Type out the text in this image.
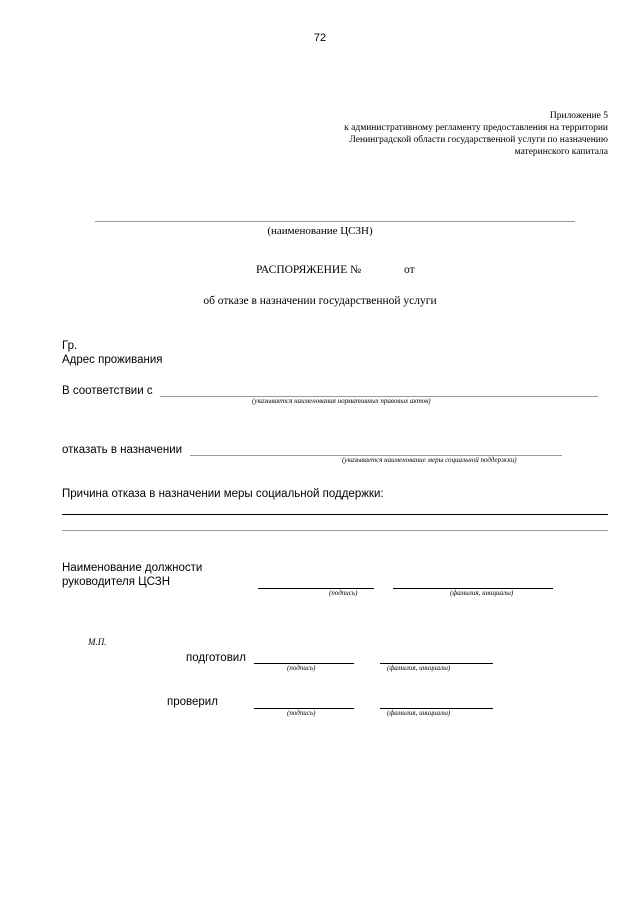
72
Приложение 5
к административному регламенту предоставления на территории
Ленинградской области государственной услуги по назначению
материнского капитала
(наименование ЦСЗН)
РАСПОРЯЖЕНИЕ №	от
об отказе в назначении государственной услуги
Гр.
Адрес проживания
В соответствии с
(указывается наименования нормативных правовых актов)
отказать в назначении
(указывается наименование меры социальной поддержки)
Причина отказа в назначении меры социальной поддержки:
Наименование должности
руководителя ЦСЗН
(подпись)	(фамилия, инициалы)
М.П.
подготовил
(подпись)	(фамилия, инициалы)
проверил
(подпись)	(фамилия, инициалы)
